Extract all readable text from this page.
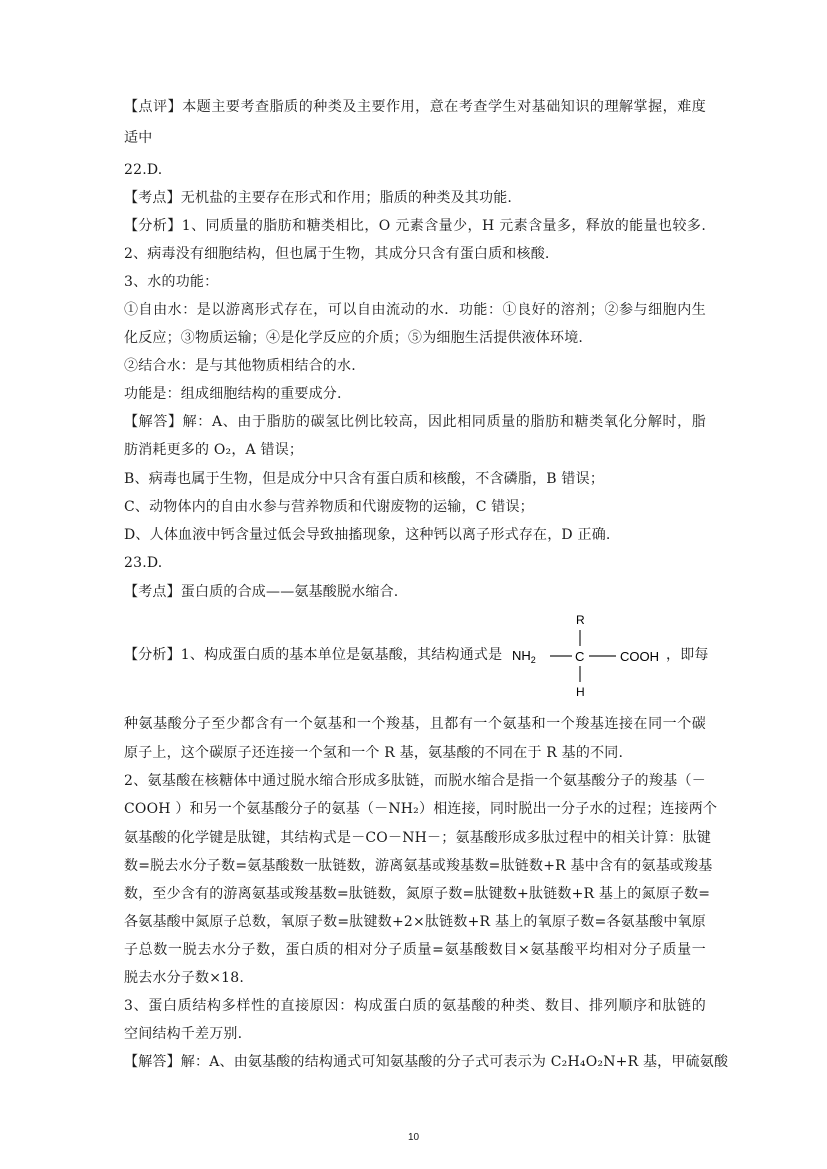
【点评】本题主要考查脂质的种类及主要作用，意在考查学生对基础知识的理解掌握，难度
适中
22.D.
【考点】无机盐的主要存在形式和作用；脂质的种类及其功能.
【分析】1、同质量的脂肪和糖类相比，O 元素含量少，H 元素含量多，释放的能量也较多.
2、病毒没有细胞结构，但也属于生物，其成分只含有蛋白质和核酸.
3、水的功能：
①自由水：是以游离形式存在，可以自由流动的水．功能：①良好的溶剂；②参与细胞内生
化反应；③物质运输；④是化学反应的介质；⑤为细胞生活提供液体环境.
②结合水：是与其他物质相结合的水.
功能是：组成细胞结构的重要成分.
【解答】解：A、由于脂肪的碳氢比例比较高，因此相同质量的脂肪和糖类氧化分解时，脂
肪消耗更多的 O₂，A 错误；
B、病毒也属于生物，但是成分中只含有蛋白质和核酸，不含磷脂，B 错误；
C、动物体内的自由水参与营养物质和代谢废物的运输，C 错误；
D、人体血液中钙含量过低会导致抽搐现象，这种钙以离子形式存在，D 正确.
23.D.
【考点】蛋白质的合成——氨基酸脱水缩合.
【分析】1、构成蛋白质的基本单位是氨基酸，其结构通式是
R
$NH_2$	C	COOH
H
，即每
种氨基酸分子至少都含有一个氨基和一个羧基，且都有一个氨基和一个羧基连接在同一个碳
原子上，这个碳原子还连接一个氢和一个 R 基，氨基酸的不同在于 R 基的不同.
2、氨基酸在核糖体中通过脱水缩合形成多肽链，而脱水缩合是指一个氨基酸分子的羧基（－
COOH ）和另一个氨基酸分子的氨基（－NH₂）相连接，同时脱出一分子水的过程；连接两个
氨基酸的化学键是肽键，其结构式是－CO－NH－；氨基酸形成多肽过程中的相关计算：肽键
数=脱去水分子数=氨基酸数一肽链数，游离氨基或羧基数=肽链数+R 基中含有的氨基或羧基
数，至少含有的游离氨基或羧基数=肽链数，氮原子数=肽键数+肽链数+R 基上的氮原子数=
各氨基酸中氮原子总数，氧原子数=肽键数+2×肽链数+R 基上的氧原子数=各氨基酸中氧原
子总数一脱去水分子数，蛋白质的相对分子质量=氨基酸数目×氨基酸平均相对分子质量一
脱去水分子数×18.
3、蛋白质结构多样性的直接原因：构成蛋白质的氨基酸的种类、数目、排列顺序和肽链的
空间结构千差万别.
【解答】解：A、由氨基酸的结构通式可知氨基酸的分子式可表示为 C₂H₄O₂N+R 基，甲硫氨酸
10
